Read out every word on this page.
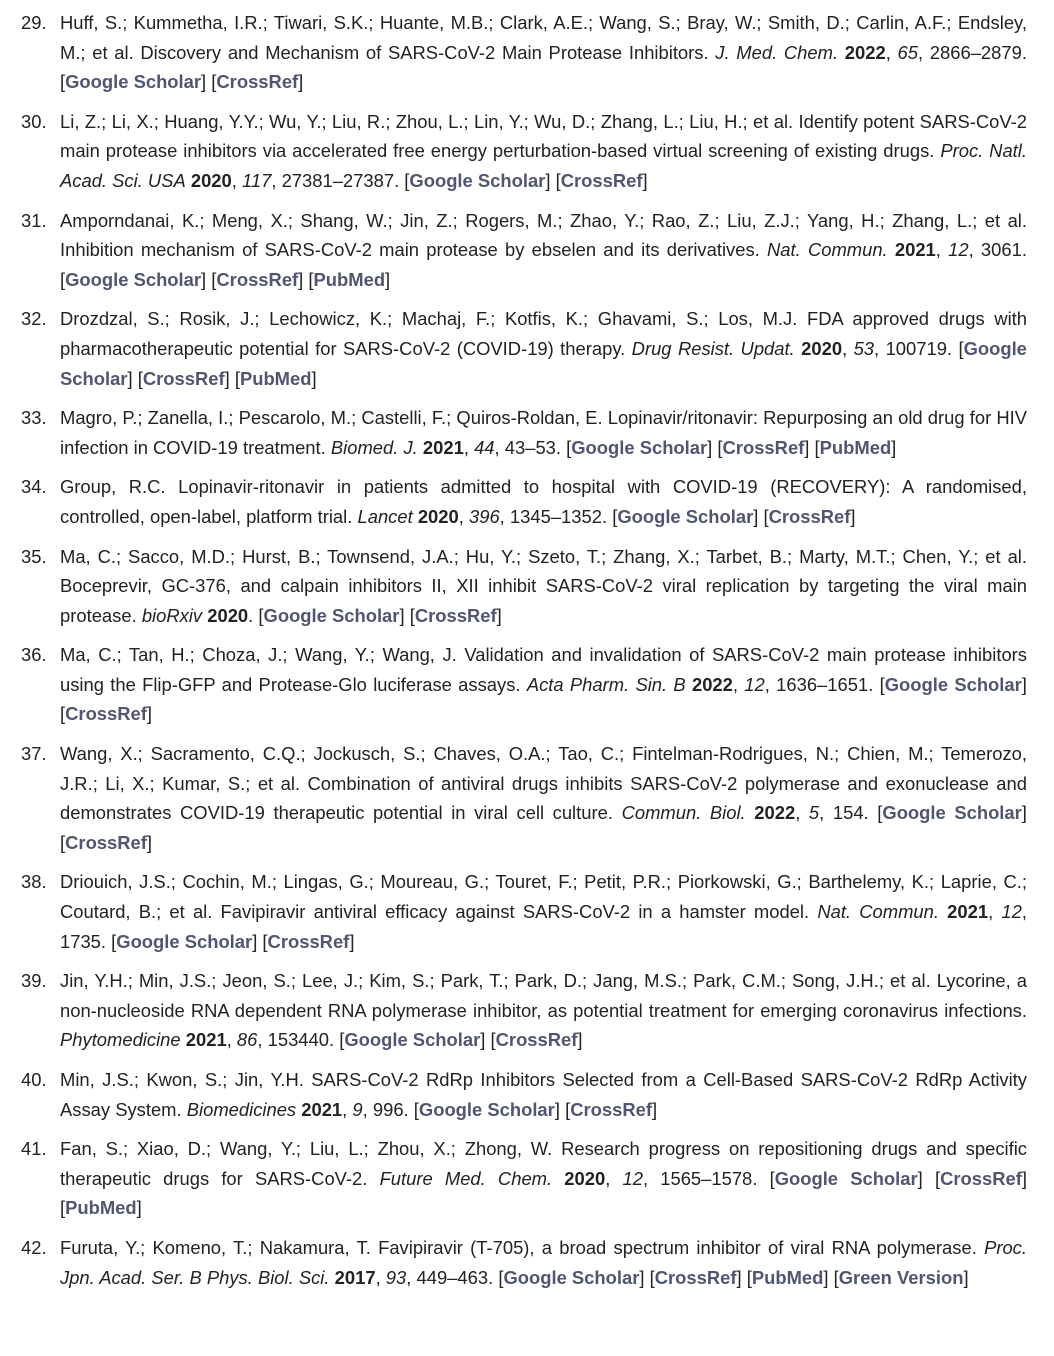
29. Huff, S.; Kummetha, I.R.; Tiwari, S.K.; Huante, M.B.; Clark, A.E.; Wang, S.; Bray, W.; Smith, D.; Carlin, A.F.; Endsley, M.; et al. Discovery and Mechanism of SARS-CoV-2 Main Protease Inhibitors. J. Med. Chem. 2022, 65, 2866–2879. [Google Scholar] [CrossRef]
30. Li, Z.; Li, X.; Huang, Y.Y.; Wu, Y.; Liu, R.; Zhou, L.; Lin, Y.; Wu, D.; Zhang, L.; Liu, H.; et al. Identify potent SARS-CoV-2 main protease inhibitors via accelerated free energy perturbation-based virtual screening of existing drugs. Proc. Natl. Acad. Sci. USA 2020, 117, 27381–27387. [Google Scholar] [CrossRef]
31. Amporndanai, K.; Meng, X.; Shang, W.; Jin, Z.; Rogers, M.; Zhao, Y.; Rao, Z.; Liu, Z.J.; Yang, H.; Zhang, L.; et al. Inhibition mechanism of SARS-CoV-2 main protease by ebselen and its derivatives. Nat. Commun. 2021, 12, 3061. [Google Scholar] [CrossRef] [PubMed]
32. Drozdzal, S.; Rosik, J.; Lechowicz, K.; Machaj, F.; Kotfis, K.; Ghavami, S.; Los, M.J. FDA approved drugs with pharmacotherapeutic potential for SARS-CoV-2 (COVID-19) therapy. Drug Resist. Updat. 2020, 53, 100719. [Google Scholar] [CrossRef] [PubMed]
33. Magro, P.; Zanella, I.; Pescarolo, M.; Castelli, F.; Quiros-Roldan, E. Lopinavir/ritonavir: Repurposing an old drug for HIV infection in COVID-19 treatment. Biomed. J. 2021, 44, 43–53. [Google Scholar] [CrossRef] [PubMed]
34. Group, R.C. Lopinavir-ritonavir in patients admitted to hospital with COVID-19 (RECOVERY): A randomised, controlled, open-label, platform trial. Lancet 2020, 396, 1345–1352. [Google Scholar] [CrossRef]
35. Ma, C.; Sacco, M.D.; Hurst, B.; Townsend, J.A.; Hu, Y.; Szeto, T.; Zhang, X.; Tarbet, B.; Marty, M.T.; Chen, Y.; et al. Boceprevir, GC-376, and calpain inhibitors II, XII inhibit SARS-CoV-2 viral replication by targeting the viral main protease. bioRxiv 2020. [Google Scholar] [CrossRef]
36. Ma, C.; Tan, H.; Choza, J.; Wang, Y.; Wang, J. Validation and invalidation of SARS-CoV-2 main protease inhibitors using the Flip-GFP and Protease-Glo luciferase assays. Acta Pharm. Sin. B 2022, 12, 1636–1651. [Google Scholar] [CrossRef]
37. Wang, X.; Sacramento, C.Q.; Jockusch, S.; Chaves, O.A.; Tao, C.; Fintelman-Rodrigues, N.; Chien, M.; Temerozo, J.R.; Li, X.; Kumar, S.; et al. Combination of antiviral drugs inhibits SARS-CoV-2 polymerase and exonuclease and demonstrates COVID-19 therapeutic potential in viral cell culture. Commun. Biol. 2022, 5, 154. [Google Scholar] [CrossRef]
38. Driouich, J.S.; Cochin, M.; Lingas, G.; Moureau, G.; Touret, F.; Petit, P.R.; Piorkowski, G.; Barthelemy, K.; Laprie, C.; Coutard, B.; et al. Favipiravir antiviral efficacy against SARS-CoV-2 in a hamster model. Nat. Commun. 2021, 12, 1735. [Google Scholar] [CrossRef]
39. Jin, Y.H.; Min, J.S.; Jeon, S.; Lee, J.; Kim, S.; Park, T.; Park, D.; Jang, M.S.; Park, C.M.; Song, J.H.; et al. Lycorine, a non-nucleoside RNA dependent RNA polymerase inhibitor, as potential treatment for emerging coronavirus infections. Phytomedicine 2021, 86, 153440. [Google Scholar] [CrossRef]
40. Min, J.S.; Kwon, S.; Jin, Y.H. SARS-CoV-2 RdRp Inhibitors Selected from a Cell-Based SARS-CoV-2 RdRp Activity Assay System. Biomedicines 2021, 9, 996. [Google Scholar] [CrossRef]
41. Fan, S.; Xiao, D.; Wang, Y.; Liu, L.; Zhou, X.; Zhong, W. Research progress on repositioning drugs and specific therapeutic drugs for SARS-CoV-2. Future Med. Chem. 2020, 12, 1565–1578. [Google Scholar] [CrossRef] [PubMed]
42. Furuta, Y.; Komeno, T.; Nakamura, T. Favipiravir (T-705), a broad spectrum inhibitor of viral RNA polymerase. Proc. Jpn. Acad. Ser. B Phys. Biol. Sci. 2017, 93, 449–463. [Google Scholar] [CrossRef] [PubMed] [Green Version]
